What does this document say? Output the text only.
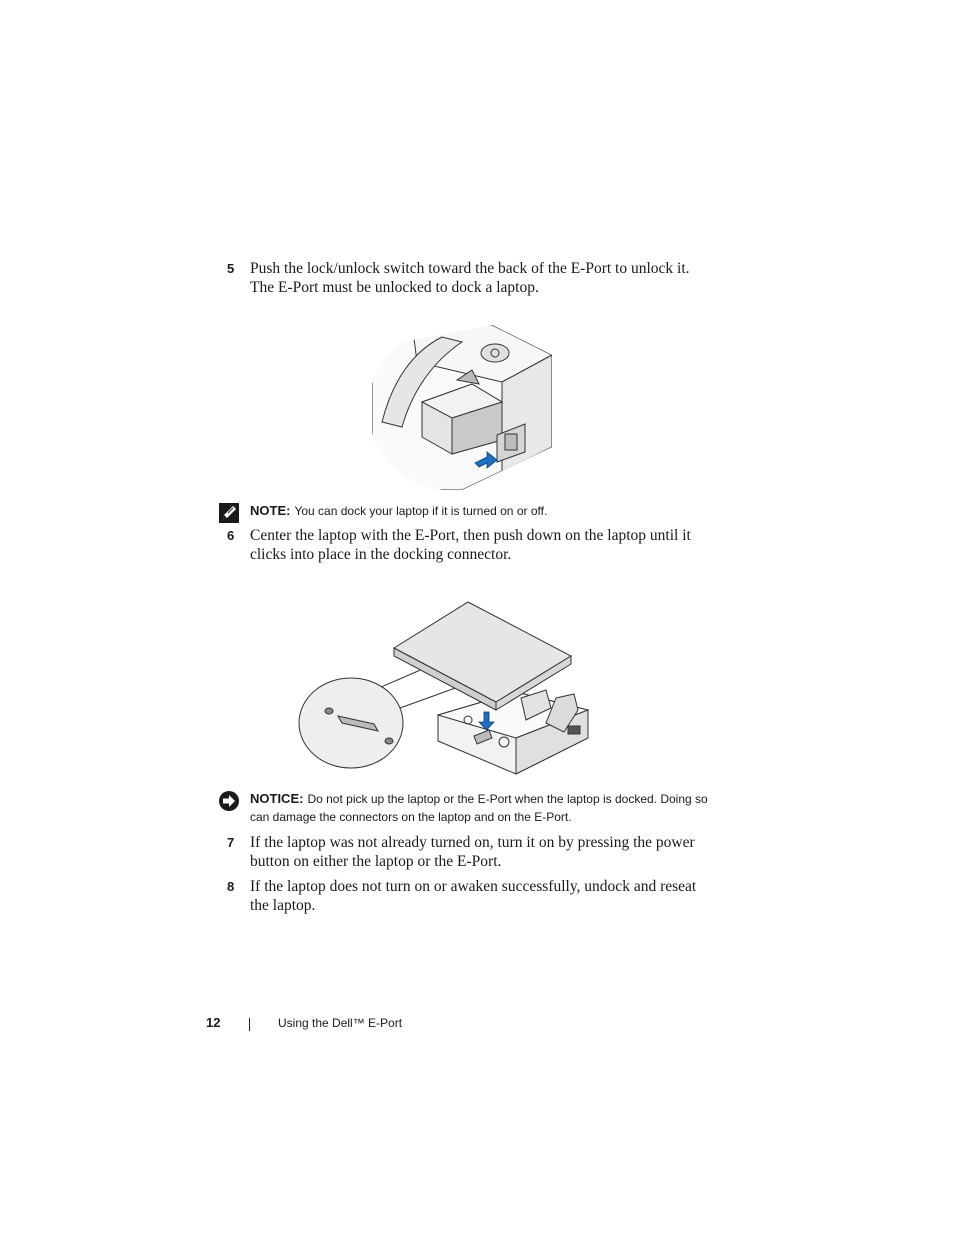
5 Push the lock/unlock switch toward the back of the E-Port to unlock it. The E-Port must be unlocked to dock a laptop.
NOTE: You can dock your laptop if it is turned on or off.
6 Center the laptop with the E-Port, then push down on the laptop until it clicks into place in the docking connector.
NOTICE: Do not pick up the laptop or the E-Port when the laptop is docked. Doing so can damage the connectors on the laptop and on the E-Port.
7 If the laptop was not already turned on, turn it on by pressing the power button on either the laptop or the E-Port.
8 If the laptop does not turn on or awaken successfully, undock and reseat the laptop.
12	Using the Dell™ E-Port
